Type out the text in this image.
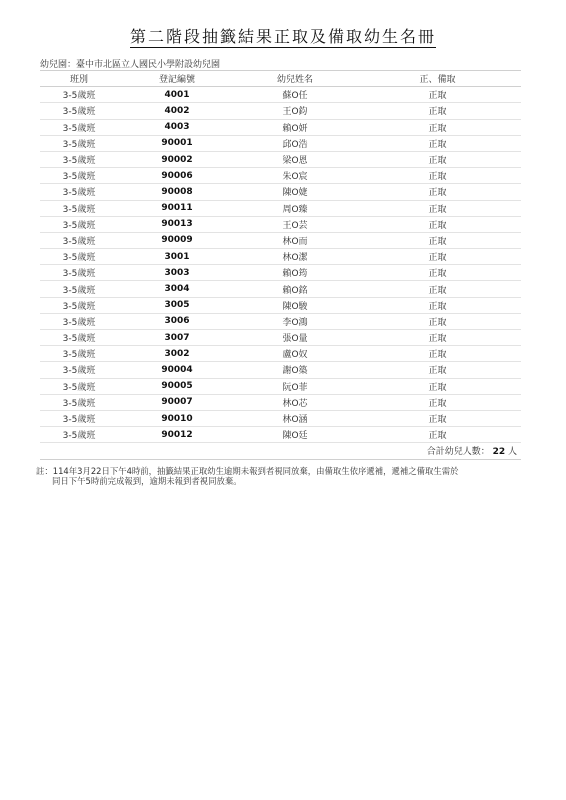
第二階段抽籤結果正取及備取幼生名冊
幼兒園：臺中市北區立人國民小學附設幼兒園
班別	登記編號	幼兒姓名	正、備取
3-5歲班	4001	蘇O任	正取
3-5歲班	4002	王O鈞	正取
3-5歲班	4003	賴O妍	正取
3-5歲班	90001	邱O浩	正取
3-5歲班	90002	梁O恩	正取
3-5歲班	90006	朱O宸	正取
3-5歲班	90008	陳O婕	正取
3-5歲班	90011	周O臻	正取
3-5歲班	90013	王O芸	正取
3-5歲班	90009	林O而	正取
3-5歲班	3001	林O潔	正取
3-5歲班	3003	賴O筠	正取
3-5歲班	3004	賴O銘	正取
3-5歲班	3005	陳O駿	正取
3-5歲班	3006	李O鴻	正取
3-5歲班	3007	張O量	正取
3-5歲班	3002	盧O奴	正取
3-5歲班	90004	謝O築	正取
3-5歲班	90005	阮O菲	正取
3-5歲班	90007	林O芯	正取
3-5歲班	90010	林O涵	正取
3-5歲班	90012	陳O廷	正取
合計幼兒人數： 22 人			
註：114年3月22日下午4時前，抽籤結果正取幼生逾期未報到者視同放棄，由備取生依序遞補，遞補之備取生需於
同日下午5時前完成報到，逾期未報到者視同放棄。
